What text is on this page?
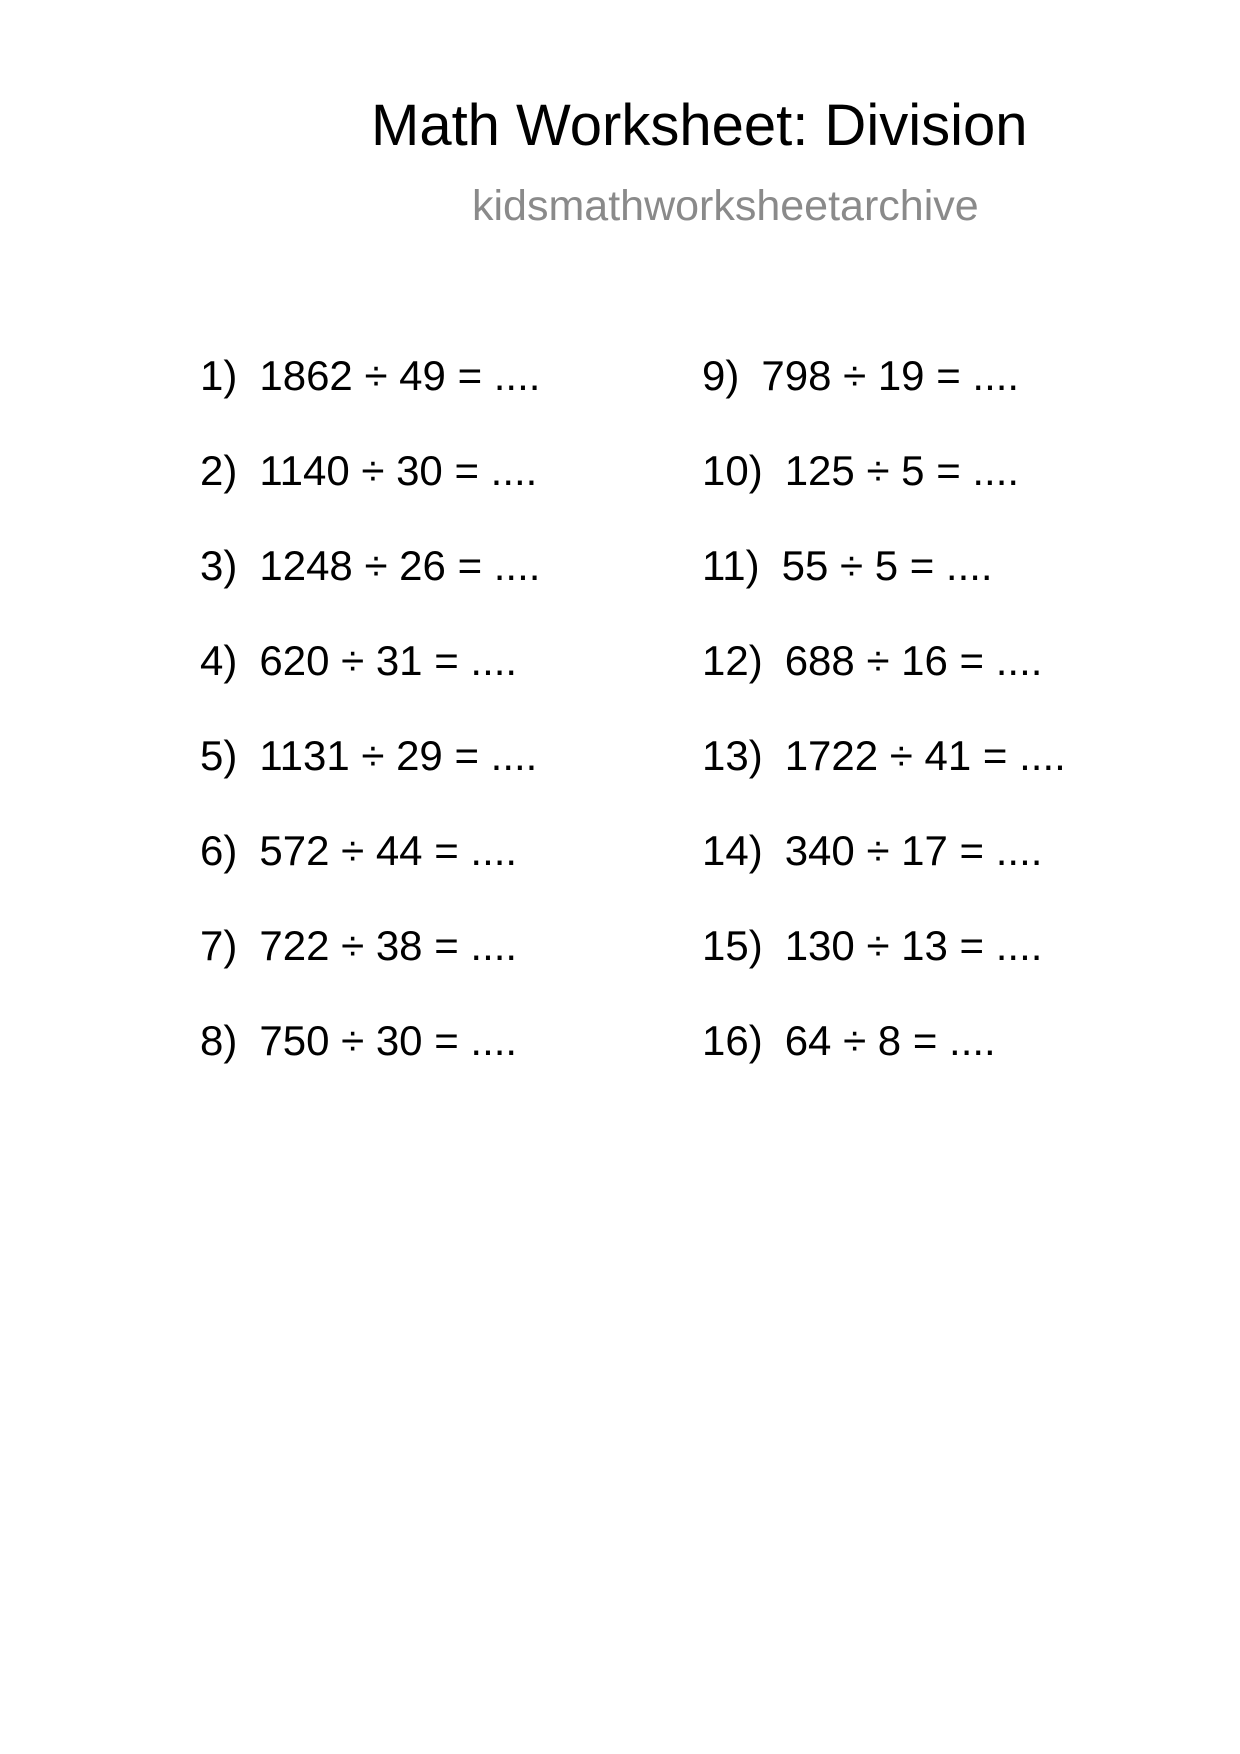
Math Worksheet: Division
kidsmathworksheetarchive
1) 1862 ÷ 49 = ....
2) 1140 ÷ 30 = ....
3) 1248 ÷ 26 = ....
4) 620 ÷ 31 = ....
5) 1131 ÷ 29 = ....
6) 572 ÷ 44 = ....
7) 722 ÷ 38 = ....
8) 750 ÷ 30 = ....
9) 798 ÷ 19 = ....
10) 125 ÷ 5 = ....
11) 55 ÷ 5 = ....
12) 688 ÷ 16 = ....
13) 1722 ÷ 41 = ....
14) 340 ÷ 17 = ....
15) 130 ÷ 13 = ....
16) 64 ÷ 8 = ....
